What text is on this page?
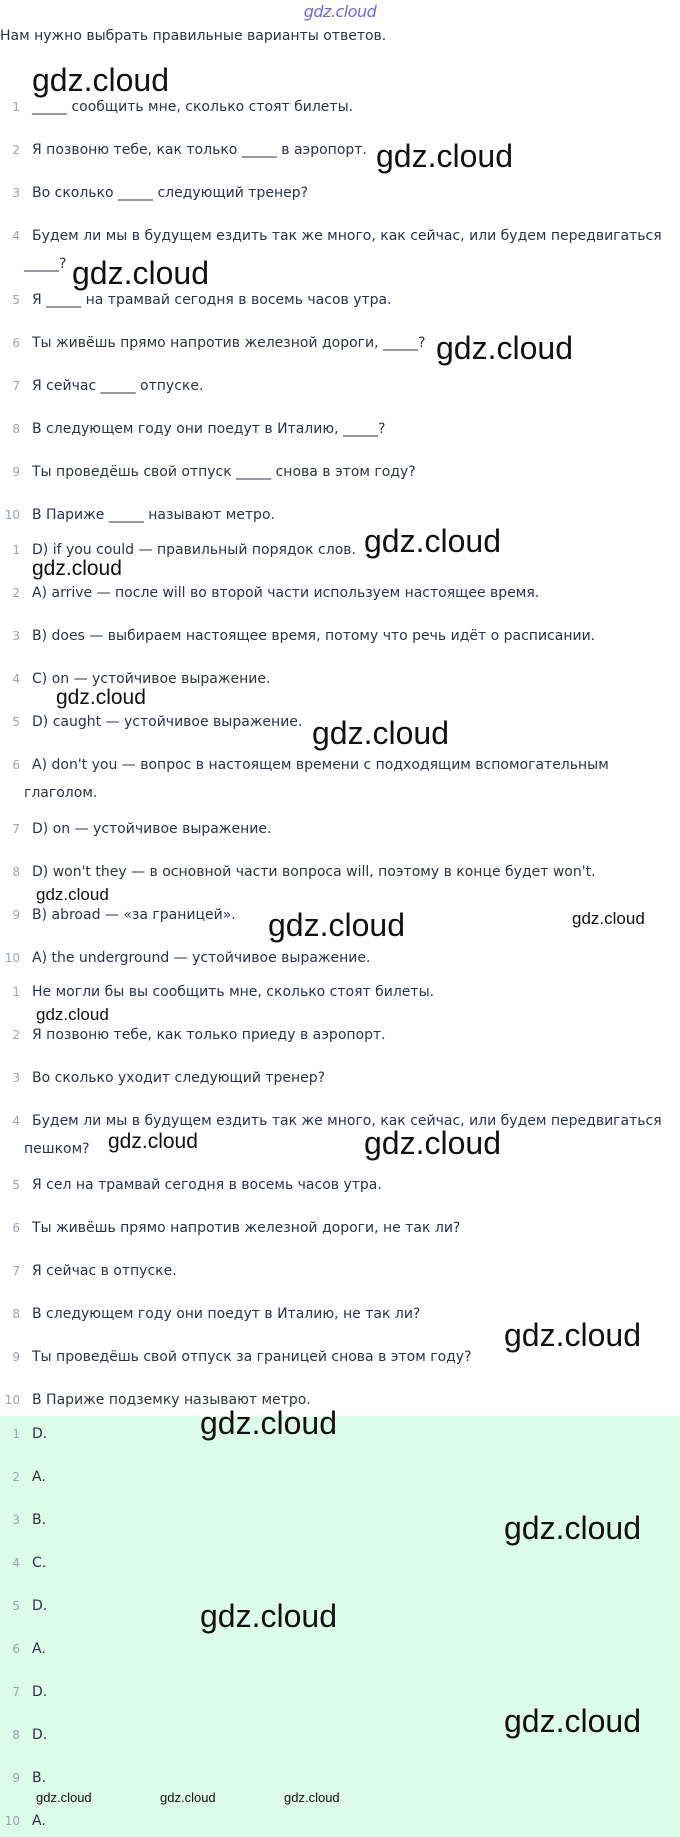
gdz.cloud
Нам нужно выбрать правильные варианты ответов.
1 _____ сообщить мне, сколько стоят билеты.
2 Я позвоню тебе, как только _____ в аэропорт.
3 Во сколько _____ следующий тренер?
4 Будем ли мы в будущем ездить так же много, как сейчас, или будем передвигаться _____?
5 Я _____ на трамвай сегодня в восемь часов утра.
6 Ты живёшь прямо напротив железной дороги, _____?
7 Я сейчас _____ отпуске.
8 В следующем году они поедут в Италию, _____?
9 Ты проведёшь свой отпуск _____ снова в этом году?
10 В Париже _____ называют метро.
1 D) if you could — правильный порядок слов.
2 A) arrive — после will во второй части используем настоящее время.
3 B) does — выбираем настоящее время, потому что речь идёт о расписании.
4 C) on — устойчивое выражение.
5 D) caught — устойчивое выражение.
6 A) don't you — вопрос в настоящем времени с подходящим вспомогательным глаголом.
7 D) on — устойчивое выражение.
8 D) won't they — в основной части вопроса will, поэтому в конце будет won't.
9 B) abroad — «за границей».
10 A) the underground — устойчивое выражение.
1 Не могли бы вы сообщить мне, сколько стоят билеты.
2 Я позвоню тебе, как только приеду в аэропорт.
3 Во сколько уходит следующий тренер?
4 Будем ли мы в будущем ездить так же много, как сейчас, или будем передвигаться пешком?
5 Я сел на трамвай сегодня в восемь часов утра.
6 Ты живёшь прямо напротив железной дороги, не так ли?
7 Я сейчас в отпуске.
8 В следующем году они поедут в Италию, не так ли?
9 Ты проведёшь свой отпуск за границей снова в этом году?
10 В Париже подземку называют метро.
1 D.
2 A.
3 B.
4 C.
5 D.
6 A.
7 D.
8 D.
9 B.
10 A.
gdz.cloud
gdz.cloud
gdz.cloud
gdz.cloud
gdz.cloud
gdz.cloud
gdz.cloud
gdz.cloud
gdz.cloud
gdz.cloud	gdz.cloud
gdz.cloud
gdz.cloud	gdz.cloud
gdz.cloud
gdz.cloud
gdz.cloud
gdz.cloud
gdz.cloud
gdz.cloud	gdz.cloud	gdz.cloud
